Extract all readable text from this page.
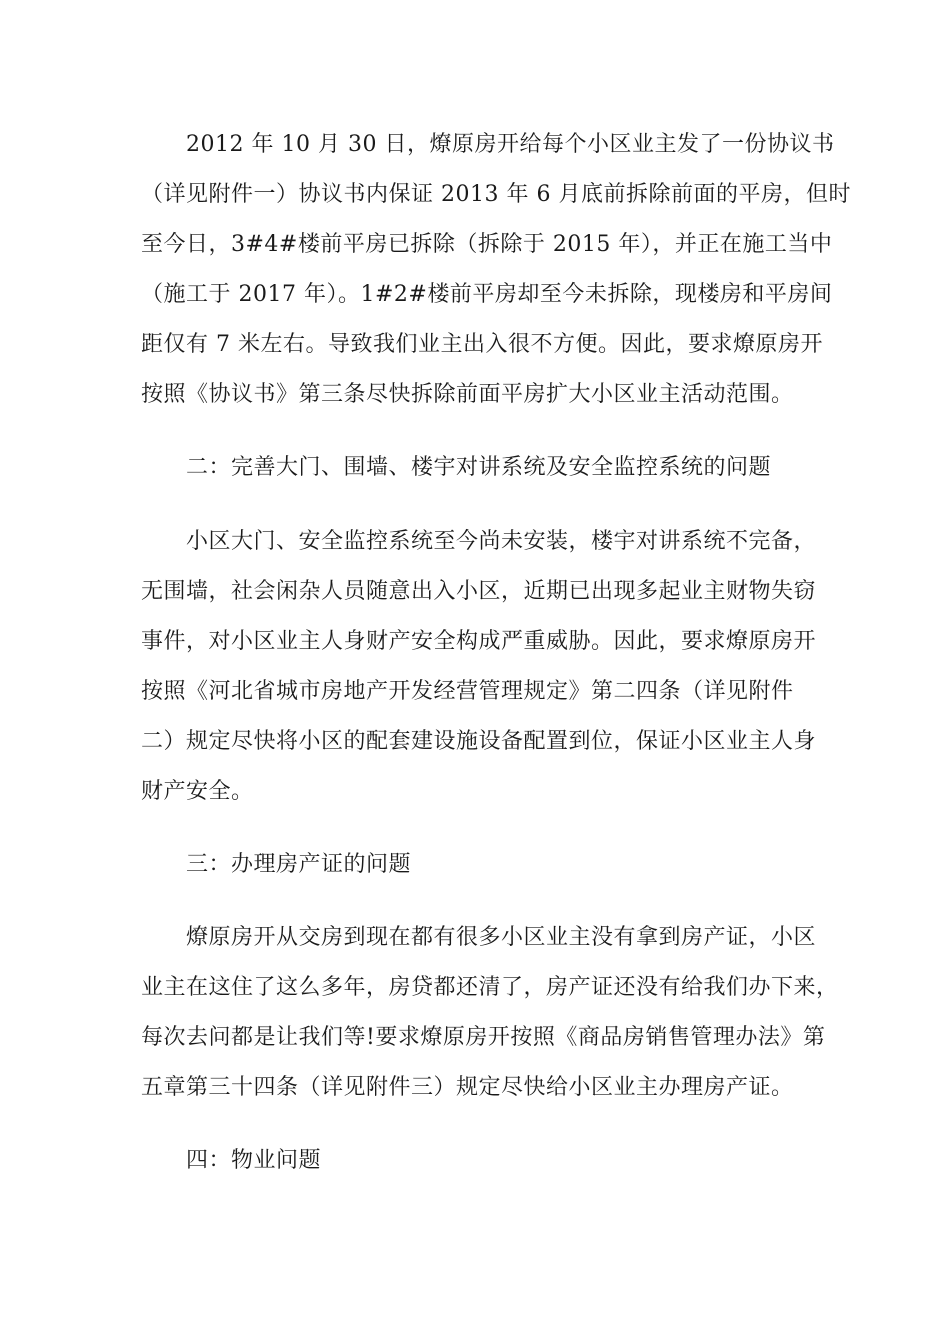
2012 年 10 月 30 日，燎原房开给每个小区业主发了一份协议书
（详见附件一）协议书内保证 2013 年 6 月底前拆除前面的平房，但时
至今日，3#4#楼前平房已拆除（拆除于 2015 年），并正在施工当中
（施工于 2017 年）。1#2#楼前平房却至今未拆除，现楼房和平房间
距仅有 7 米左右。导致我们业主出入很不方便。因此，要求燎原房开
按照《协议书》第三条尽快拆除前面平房扩大小区业主活动范围。
二：完善大门、围墙、楼宇对讲系统及安全监控系统的问题
小区大门、安全监控系统至今尚未安装，楼宇对讲系统不完备，
无围墙，社会闲杂人员随意出入小区，近期已出现多起业主财物失窃
事件，对小区业主人身财产安全构成严重威胁。因此，要求燎原房开
按照《河北省城市房地产开发经营管理规定》第二四条（详见附件
二）规定尽快将小区的配套建设施设备配置到位，保证小区业主人身
财产安全。
三：办理房产证的问题
燎原房开从交房到现在都有很多小区业主没有拿到房产证，小区
业主在这住了这么多年，房贷都还清了，房产证还没有给我们办下来，
每次去问都是让我们等!要求燎原房开按照《商品房销售管理办法》第
五章第三十四条（详见附件三）规定尽快给小区业主办理房产证。
四：物业问题
